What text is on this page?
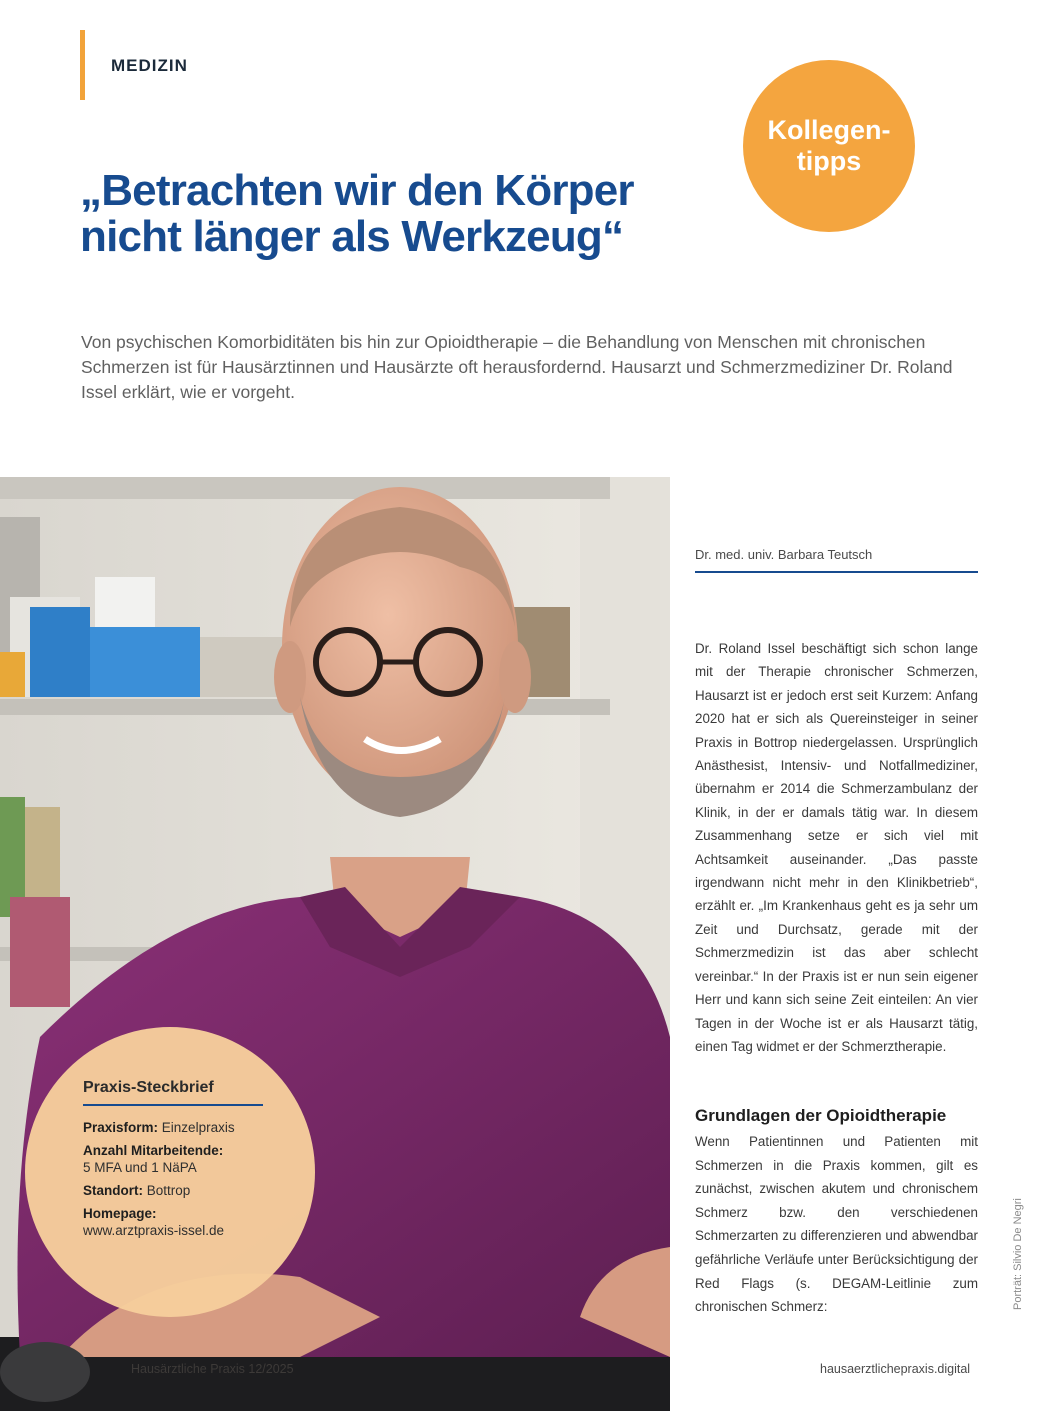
MEDIZIN
Kollegen-
tipps
„Betrachten wir den Körper
nicht länger als Werkzeug“

Von psychischen Komorbiditäten bis hin zur Opioidtherapie – die Behandlung von Menschen mit chronischen Schmerzen ist für Hausärztinnen und Hausärzte oft herausfordernd. Hausarzt und Schmerzmediziner Dr. Roland Issel erklärt, wie er vorgeht.

Praxis-Steckbrief
Praxisform: Einzelpraxis
Anzahl Mitarbeitende:
5 MFA und 1 NäPA
Standort: Bottrop
Homepage:
www.arztpraxis-issel.de
Dr. med. univ. Barbara Teutsch

Dr. Roland Issel beschäftigt sich schon lange mit der Therapie chronischer Schmerzen, Hausarzt ist er jedoch erst seit Kurzem: Anfang 2020 hat er sich als Quereinsteiger in seiner Praxis in Bottrop niedergelassen. Ursprünglich Anästhesist, Intensiv- und Notfallmediziner, übernahm er 2014 die Schmerzambulanz der Klinik, in der er damals tätig war. In diesem Zusammenhang setze er sich viel mit Achtsamkeit auseinander. „Das passte irgendwann nicht mehr in den Klinikbetrieb“, erzählt er. „Im Krankenhaus geht es ja sehr um Zeit und Durchsatz, gerade mit der Schmerzmedizin ist das aber schlecht vereinbar.“ In der Praxis ist er nun sein eigener Herr und kann sich seine Zeit einteilen: An vier Tagen in der Woche ist er als Hausarzt tätig, einen Tag widmet er der Schmerztherapie.

Grundlagen der Opioidtherapie

Wenn Patientinnen und Patienten mit Schmerzen in die Praxis kommen, gilt es zunächst, zwischen akutem und chronischem Schmerz bzw. den verschiedenen Schmerzarten zu differenzieren und abwendbar gefährliche Verläufe unter Berücksichtigung der Red Flags (s. DEGAM-Leitlinie zum chronischen Schmerz:	Porträt: Silvio De Negri
Hausärztliche Praxis 12/2025	hausaerztlichepraxis.digital
